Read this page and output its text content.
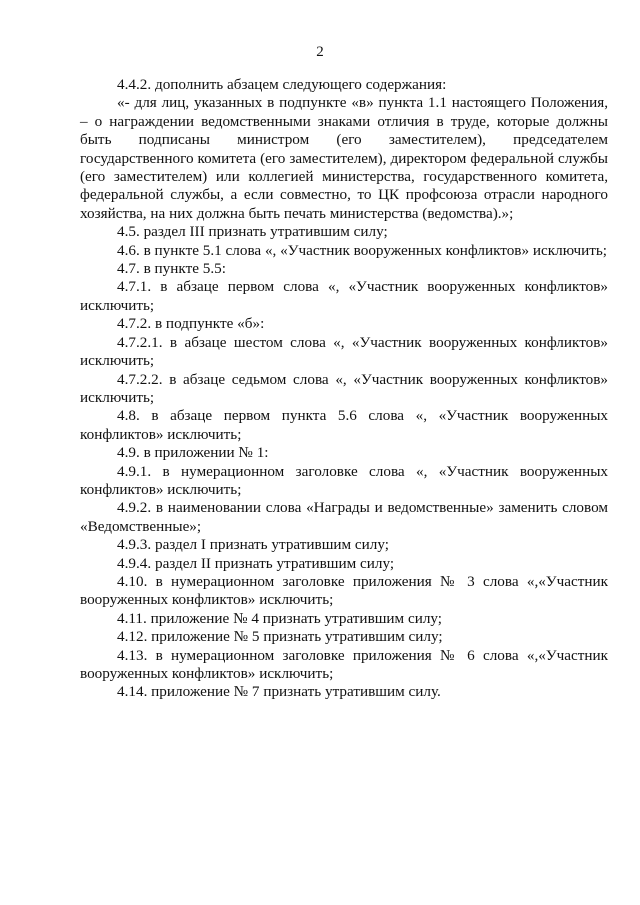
2

4.4.2. дополнить абзацем следующего содержания:

«- для лиц, указанных в подпункте «в» пункта 1.1 настоящего Положения, – о награждении ведомственными знаками отличия в труде, которые должны быть подписаны министром (его заместителем), председателем государственного комитета (его заместителем), директором федеральной службы (его заместителем) или коллегией министерства, государственного комитета, федеральной службы, а если совместно, то ЦК профсоюза отрасли народного хозяйства, на них должна быть печать министерства (ведомства).»;

4.5. раздел III признать утратившим силу;

4.6. в пункте 5.1 слова «, «Участник вооруженных конфликтов» исключить;

4.7. в пункте 5.5:

4.7.1. в абзаце первом слова «, «Участник вооруженных конфликтов» исключить;

4.7.2. в подпункте «б»:

4.7.2.1. в абзаце шестом слова «, «Участник вооруженных конфликтов» исключить;

4.7.2.2. в абзаце седьмом слова «, «Участник вооруженных конфликтов» исключить;

4.8. в абзаце первом пункта 5.6 слова «, «Участник вооруженных конфликтов» исключить;

4.9. в приложении № 1:

4.9.1. в нумерационном заголовке слова «, «Участник вооруженных конфликтов» исключить;

4.9.2. в наименовании слова «Награды и ведомственные» заменить словом «Ведомственные»;

4.9.3. раздел I признать утратившим силу;

4.9.4. раздел II признать утратившим силу;

4.10. в нумерационном заголовке приложения № 3 слова «,«Участник вооруженных конфликтов» исключить;

4.11. приложение № 4 признать утратившим силу;

4.12. приложение № 5 признать утратившим силу;

4.13. в нумерационном заголовке приложения № 6 слова «,«Участник вооруженных конфликтов» исключить;

4.14. приложение № 7 признать утратившим силу.
